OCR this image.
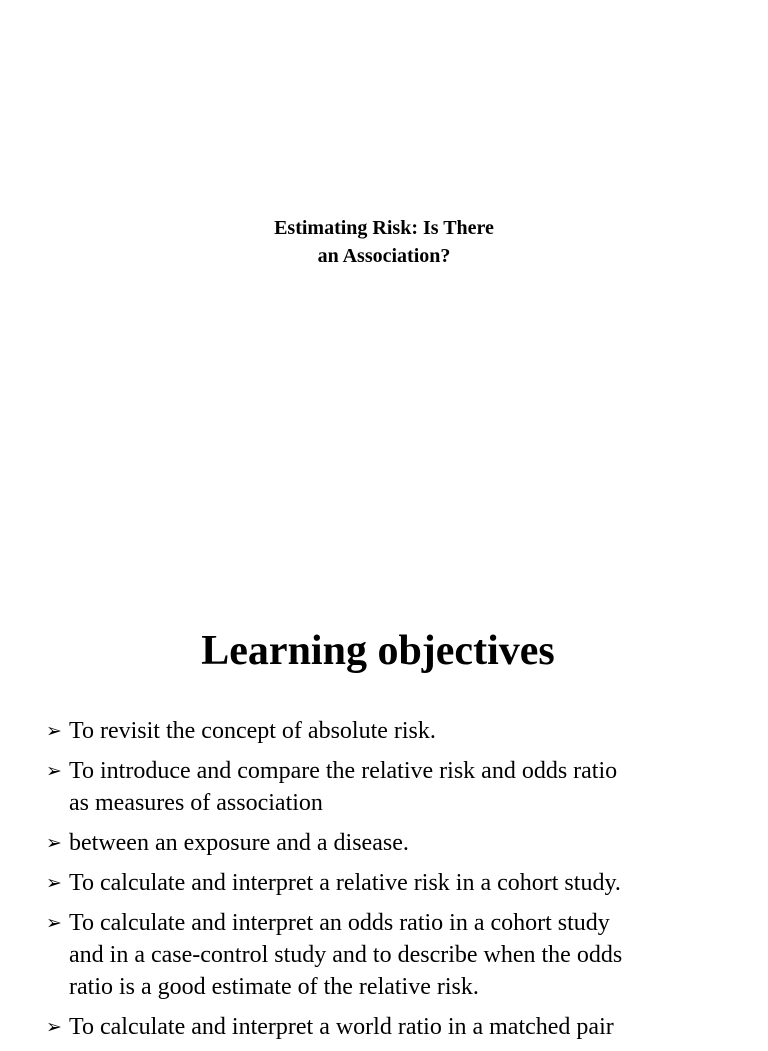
Estimating Risk: Is There
an Association?
Learning objectives
➢ To revisit the concept of absolute risk.
➢ To introduce and compare the relative risk and odds ratio
as measures of association
➢ between an exposure and a disease.
➢ To calculate and interpret a relative risk in a cohort study.
➢ To calculate and interpret an odds ratio in a cohort study
and in a case-control study and to describe when the odds
ratio is a good estimate of the relative risk.
➢ To calculate and interpret a world ratio in a matched pair
